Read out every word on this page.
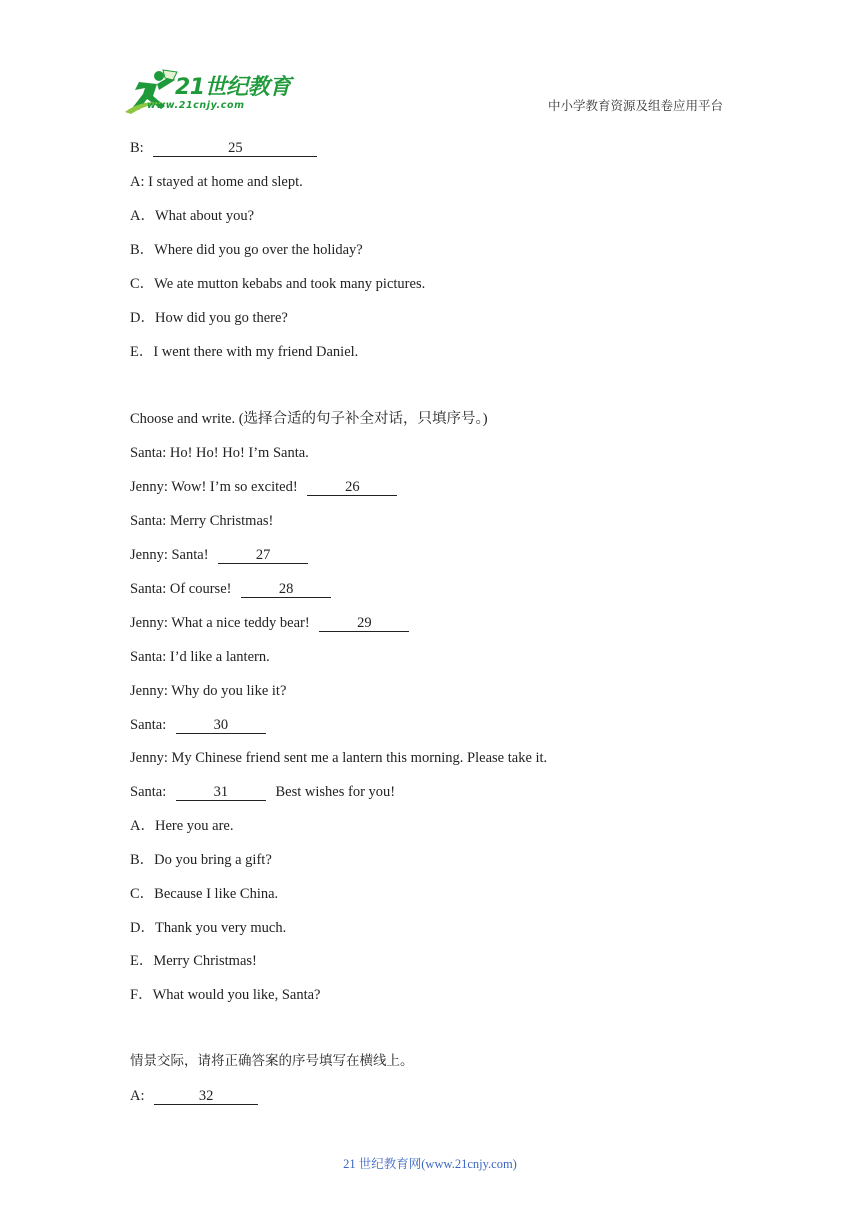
21世纪教育
www.21cnjy.com	中小学教育资源及组卷应用平台
B:	25
A: I stayed at home and slept.
A．What about you?
B．Where did you go over the holiday?
C．We ate mutton kebabs and took many pictures.
D．How did you go there?
E．I went there with my friend Daniel.
Choose and write. (选择合适的句子补全对话，只填序号。)
Santa: Ho! Ho! Ho! I’m Santa.
Jenny: Wow! I’m so excited!	26
Santa: Merry Christmas!
Jenny: Santa!	27
Santa: Of course!	28
Jenny: What a nice teddy bear!	29
Santa: I’d like a lantern.
Jenny: Why do you like it?
Santa:	30
Jenny: My Chinese friend sent me a lantern this morning. Please take it.
Santa:	31	Best wishes for you!
A．Here you are.
B．Do you bring a gift?
C．Because I like China.
D．Thank you very much.
E．Merry Christmas!
F．What would you like, Santa?
情景交际，请将正确答案的序号填写在横线上。
A:	32
21 世纪教育网(www.21cnjy.com)
